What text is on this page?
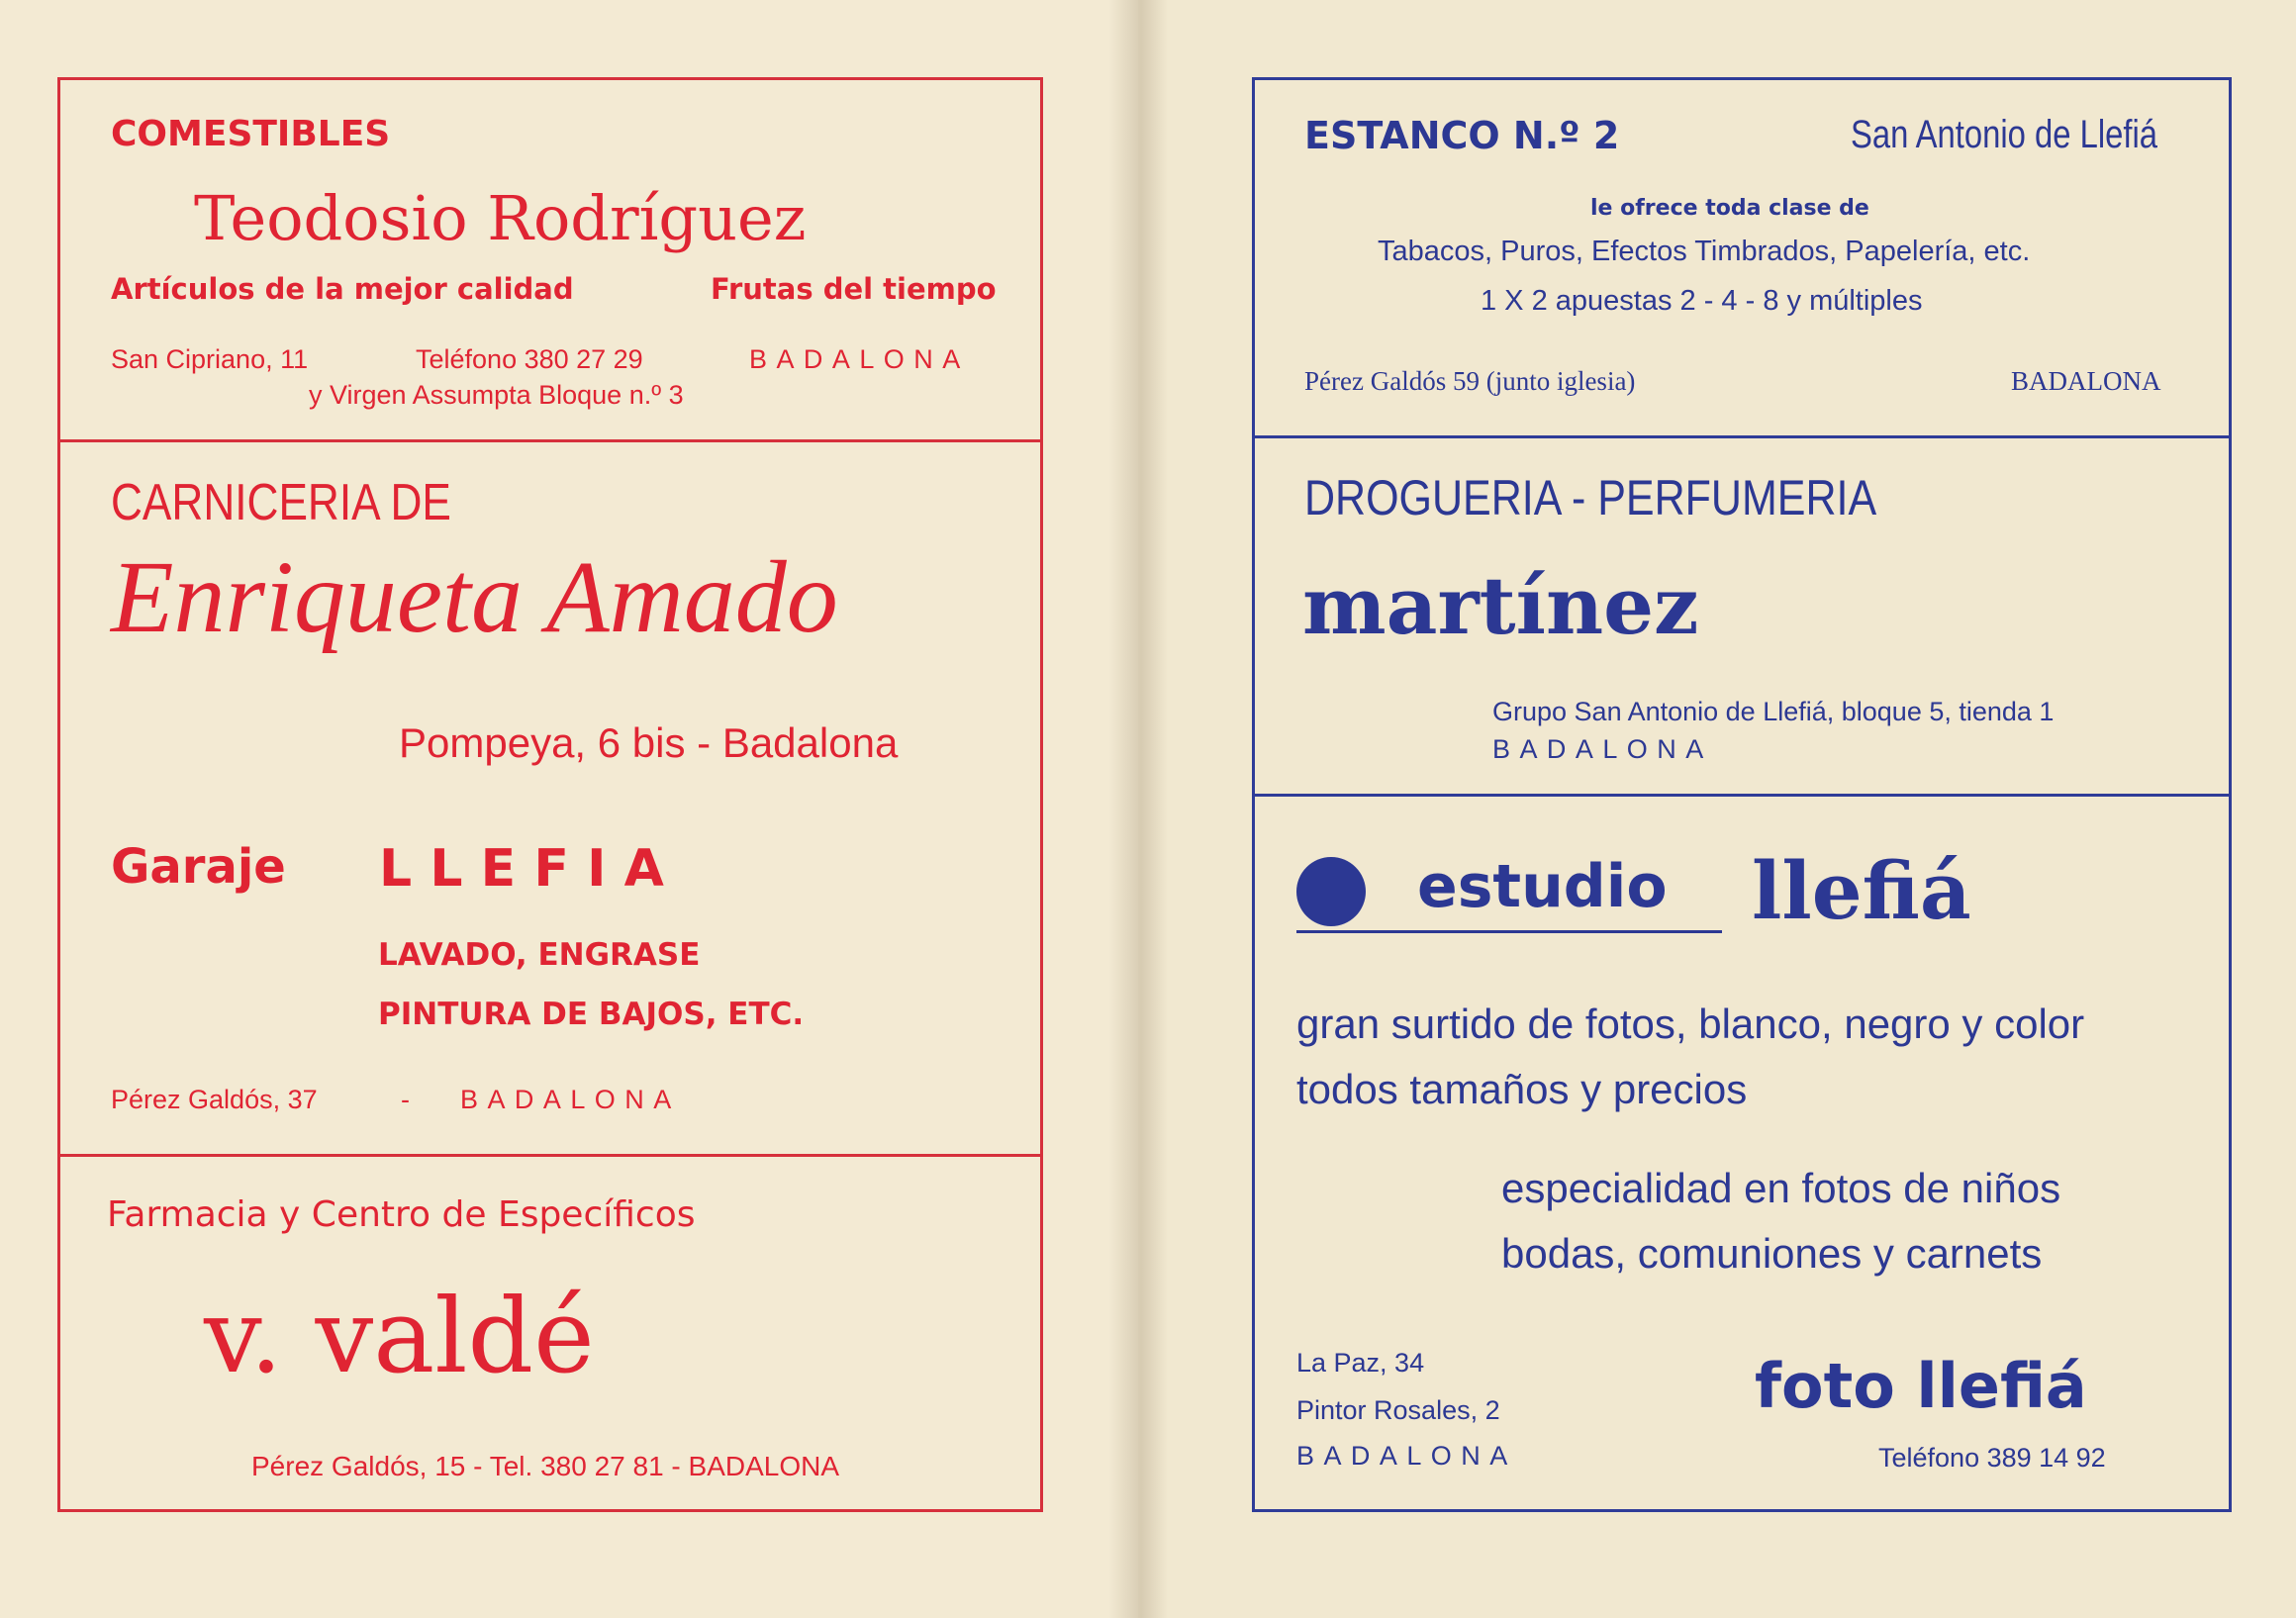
COMESTIBLES
Teodosio Rodríguez
Artículos de la mejor calidad	Frutas del tiempo
San Cipriano, 11	Teléfono 380 27 29	BADALONA
y Virgen Assumpta Bloque n.º 3
CARNICERIA DE
Enriqueta Amado
Pompeya, 6 bis - Badalona
Garaje LLEFIA
LAVADO, ENGRASE
PINTURA DE BAJOS, ETC.
Pérez Galdós, 37	- BADALONA
Farmacia y Centro de Específicos
v. valdé
Pérez Galdós, 15 - Tel. 380 27 81 - BADALONA
ESTANCO N.º 2	San Antonio de Llefiá
le ofrece toda clase de
Tabacos, Puros, Efectos Timbrados, Papelería, etc.
1 X 2 apuestas 2 - 4 - 8 y múltiples
Pérez Galdós 59 (junto iglesia)	BADALONA
DROGUERIA - PERFUMERIA
martínez
Grupo San Antonio de Llefiá, bloque 5, tienda 1
BADALONA
estudio llefiá
gran surtido de fotos, blanco, negro y color
todos tamaños y precios
especialidad en fotos de niños
bodas, comuniones y carnets
La Paz, 34
Pintor Rosales, 2
BADALONA
foto llefiá
Teléfono 389 14 92
